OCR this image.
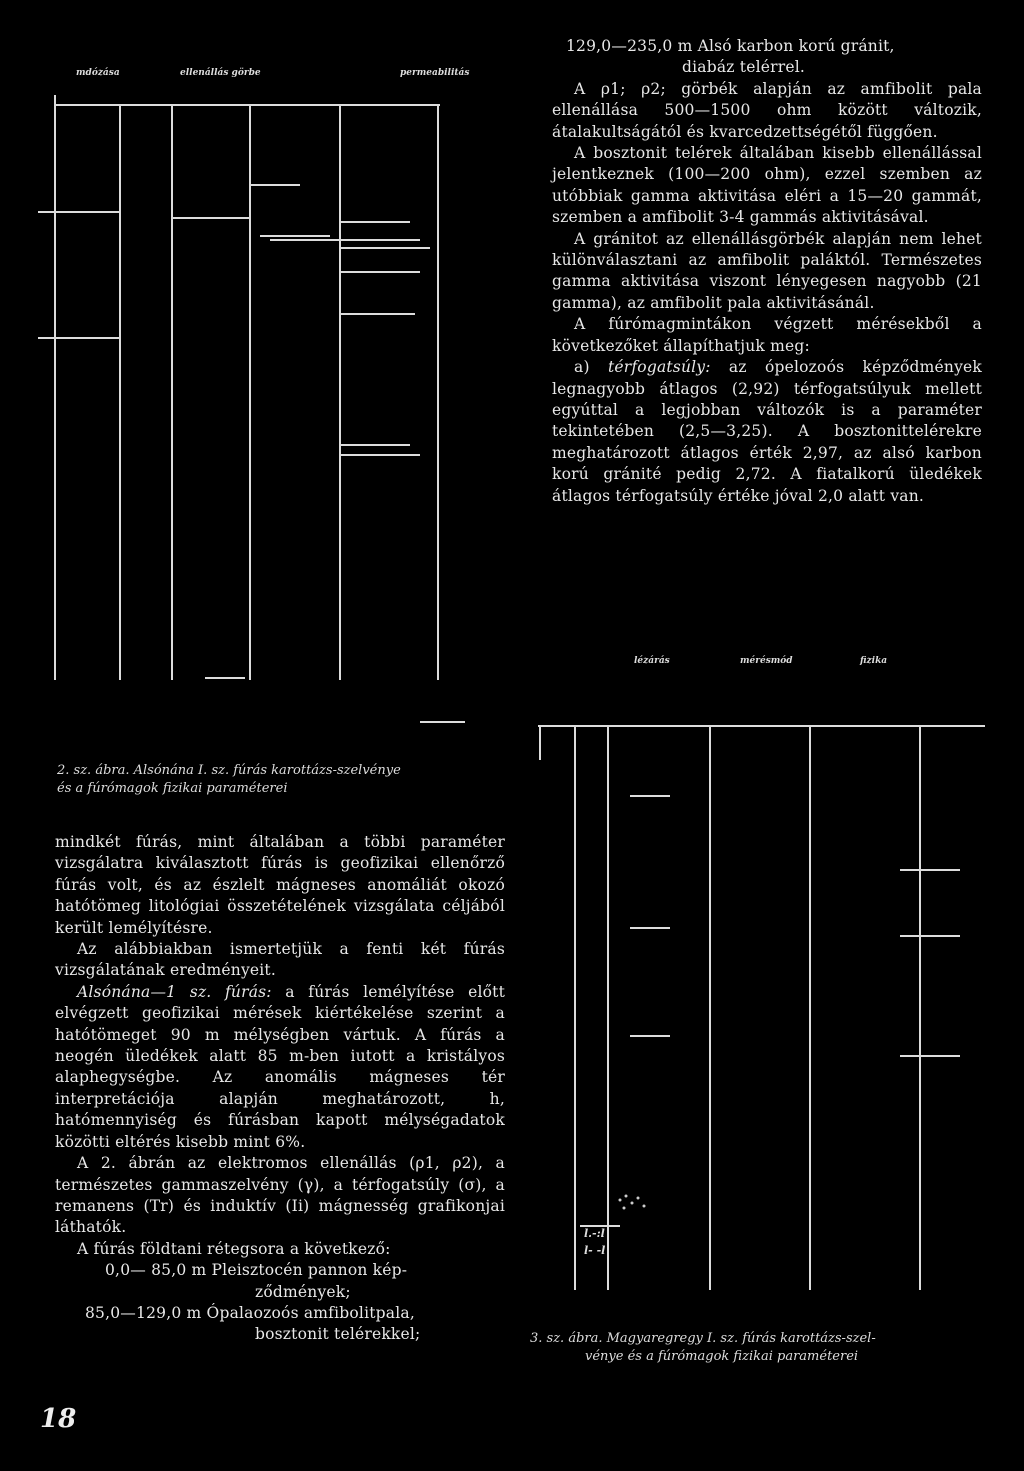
mdózása	ellenállás görbe	permeabilitás
lézárás	mérésmód	fizika
l.-:l
l- -l
2. sz. ábra. Alsónána I. sz. fúrás karottázs-szelvénye
és a fúrómagok fizikai paraméterei
3. sz. ábra. Magyaregregy I. sz. fúrás karottázs-szel-
vénye és a fúrómagok fizikai paraméterei

129,0—235,0 m Alsó karbon korú gránit,

diabáz telérrel.

A ρ1; ρ2; görbék alapján az amfibolit pala ellenállása 500—1500 ohm között változik, átalakultságától és kvarcedzettségétől függően.

A bosztonit telérek általában kisebb ellenállással jelentkeznek (100—200 ohm), ezzel szemben az utóbbiak gamma aktivitása eléri a 15—20 gammát, szemben a amfibolit 3-4 gammás aktivitásával.

A gránitot az ellenállásgörbék alapján nem lehet különválasztani az amfibolit paláktól. Természetes gamma aktivitása viszont lényegesen nagyobb (21 gamma), az amfibolit pala aktivitásánál.

A fúrómagmintákon végzett mérésekből a következőket állapíthatjuk meg:

a) térfogatsúly: az ópelozoós képződmények legnagyobb átlagos (2,92) térfogatsúlyuk mellett egyúttal a legjobban változók is a paraméter tekintetében (2,5—3,25). A bosztonittelérekre meghatározott átlagos érték 2,97, az alsó karbon korú gránité pedig 2,72. A fiatalkorú üledékek átlagos térfogatsúly értéke jóval 2,0 alatt van.

mindkét fúrás, mint általában a többi paraméter vizsgálatra kiválasztott fúrás is geofizikai ellenőrző fúrás volt, és az észlelt mágneses anomáliát okozó hatótömeg litológiai összetételének vizsgálata céljából került lemélyítésre.

Az alábbiakban ismertetjük a fenti két fúrás vizsgálatának eredményeit.

Alsónána—1 sz. fúrás: a fúrás lemélyítése előtt elvégzett geofizikai mérések kiértékelése szerint a hatótömeget 90 m mélységben vártuk. A fúrás a neogén üledékek alatt 85 m-ben iutott a kristályos alaphegységbe. Az anomális mágneses tér interpretációja alapján meghatározott, h, hatómennyiség és fúrásban kapott mélységadatok közötti eltérés kisebb mint 6%.

A 2. ábrán az elektromos ellenállás (ρ1, ρ2), a természetes gammaszelvény (γ), a térfogatsúly (σ), a remanens (Tr) és induktív (Ii) mágnesség grafikonjai láthatók.

A fúrás földtani rétegsora a következő:

0,0— 85,0 m Pleisztocén pannon kép-
ződmények;

85,0—129,0 m Ópalaozoós amfibolitpala,
bosztonit telérekkel;

18
